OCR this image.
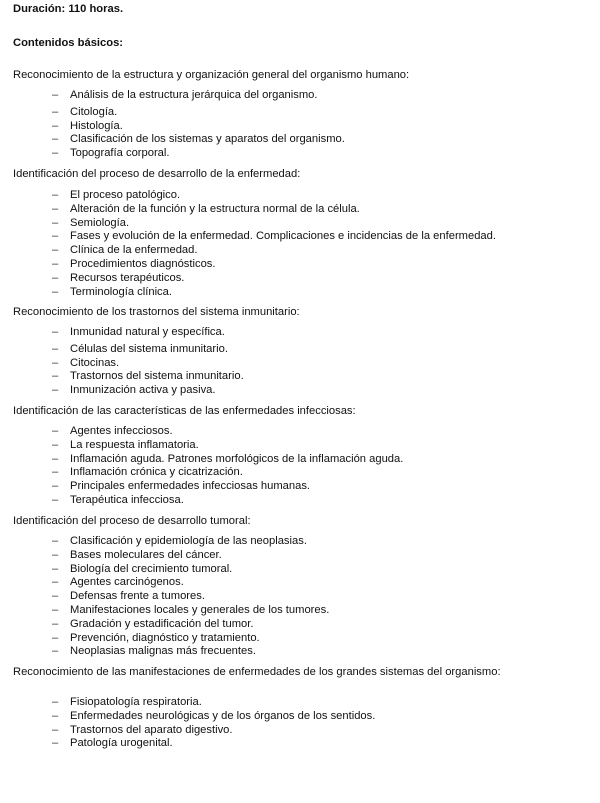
Duración: 110 horas.
Contenidos básicos:
Reconocimiento de la estructura y organización general del organismo humano:
– Análisis de la estructura jerárquica del organismo.
– Citología.
– Histología.
– Clasificación de los sistemas y aparatos del organismo.
– Topografía corporal.
Identificación del proceso de desarrollo de la enfermedad:
– El proceso patológico.
– Alteración de la función y la estructura normal de la célula.
– Semiología.
– Fases y evolución de la enfermedad. Complicaciones e incidencias de la enfermedad.
– Clínica de la enfermedad.
– Procedimientos diagnósticos.
– Recursos terapéuticos.
– Terminología clínica.
Reconocimiento de los trastornos del sistema inmunitario:
– Inmunidad natural y específica.
– Células del sistema inmunitario.
– Citocinas.
– Trastornos del sistema inmunitario.
– Inmunización activa y pasiva.
Identificación de las características de las enfermedades infecciosas:
– Agentes infecciosos.
– La respuesta inflamatoria.
– Inflamación aguda. Patrones morfológicos de la inflamación aguda.
– Inflamación crónica y cicatrización.
– Principales enfermedades infecciosas humanas.
– Terapéutica infecciosa.
Identificación del proceso de desarrollo tumoral:
– Clasificación y epidemiología de las neoplasias.
– Bases moleculares del cáncer.
– Biología del crecimiento tumoral.
– Agentes carcinógenos.
– Defensas frente a tumores.
– Manifestaciones locales y generales de los tumores.
– Gradación y estadificación del tumor.
– Prevención, diagnóstico y tratamiento.
– Neoplasias malignas más frecuentes.
Reconocimiento de las manifestaciones de enfermedades de los grandes sistemas del organismo:
– Fisiopatología respiratoria.
– Enfermedades neurológicas y de los órganos de los sentidos.
– Trastornos del aparato digestivo.
– Patología urogenital.
